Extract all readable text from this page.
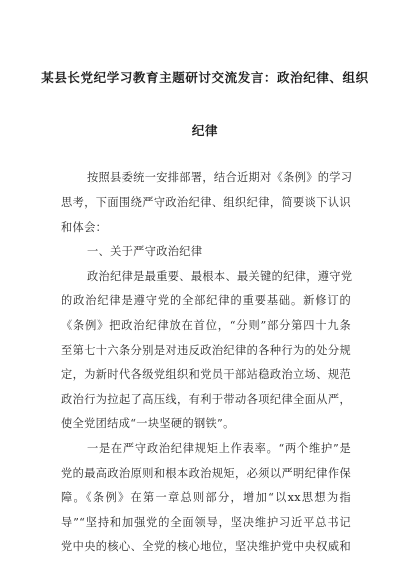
某县长党纪学习教育主题研讨交流发言：政治纪律、组织
纪律
按照县委统一安排部署，结合近期对《条例》的学习
思考，下面围绕严守政治纪律、组织纪律，简要谈下认识
和体会：
一、关于严守政治纪律
政治纪律是最重要、最根本、最关键的纪律，遵守党
的政治纪律是遵守党的全部纪律的重要基础。新修订的
《条例》把政治纪律放在首位，“分则”部分第四十九条
至第七十六条分别是对违反政治纪律的各种行为的处分规
定，为新时代各级党组织和党员干部站稳政治立场、规范
政治行为拉起了高压线，有利于带动各项纪律全面从严，
使全党团结成“一块坚硬的钢铁”。
一是在严守政治纪律规矩上作表率。“两个维护”是
党的最高政治原则和根本政治规矩，必须以严明纪律作保
障。《条例》在第一章总则部分，增加“以xx思想为指
导”“坚持和加强党的全面领导，坚决维护习近平总书记
党中央的核心、全党的核心地位，坚决维护党中央权威和
